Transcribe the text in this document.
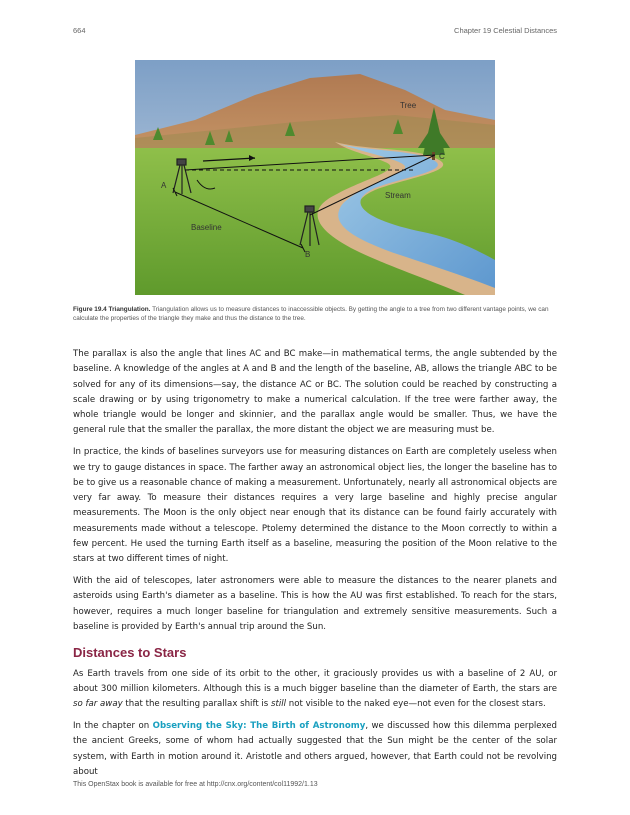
664	Chapter 19 Celestial Distances
Tree
C
A
Stream
Baseline
B
Figure 19.4 Triangulation. Triangulation allows us to measure distances to inaccessible objects. By getting the angle to a tree from two different vantage points, we can calculate the properties of the triangle they make and thus the distance to the tree.

The parallax is also the angle that lines AC and BC make—in mathematical terms, the angle subtended by the baseline. A knowledge of the angles at A and B and the length of the baseline, AB, allows the triangle ABC to be solved for any of its dimensions—say, the distance AC or BC. The solution could be reached by constructing a scale drawing or by using trigonometry to make a numerical calculation. If the tree were farther away, the whole triangle would be longer and skinnier, and the parallax angle would be smaller. Thus, we have the general rule that the smaller the parallax, the more distant the object we are measuring must be.

In practice, the kinds of baselines surveyors use for measuring distances on Earth are completely useless when we try to gauge distances in space. The farther away an astronomical object lies, the longer the baseline has to be to give us a reasonable chance of making a measurement. Unfortunately, nearly all astronomical objects are very far away. To measure their distances requires a very large baseline and highly precise angular measurements. The Moon is the only object near enough that its distance can be found fairly accurately with measurements made without a telescope. Ptolemy determined the distance to the Moon correctly to within a few percent. He used the turning Earth itself as a baseline, measuring the position of the Moon relative to the stars at two different times of night.

With the aid of telescopes, later astronomers were able to measure the distances to the nearer planets and asteroids using Earth's diameter as a baseline. This is how the AU was first established. To reach for the stars, however, requires a much longer baseline for triangulation and extremely sensitive measurements. Such a baseline is provided by Earth's annual trip around the Sun.

Distances to Stars

As Earth travels from one side of its orbit to the other, it graciously provides us with a baseline of 2 AU, or about 300 million kilometers. Although this is a much bigger baseline than the diameter of Earth, the stars are so far away that the resulting parallax shift is still not visible to the naked eye—not even for the closest stars.

In the chapter on Observing the Sky: The Birth of Astronomy, we discussed how this dilemma perplexed the ancient Greeks, some of whom had actually suggested that the Sun might be the center of the solar system, with Earth in motion around it. Aristotle and others argued, however, that Earth could not be revolving about

This OpenStax book is available for free at http://cnx.org/content/col11992/1.13
